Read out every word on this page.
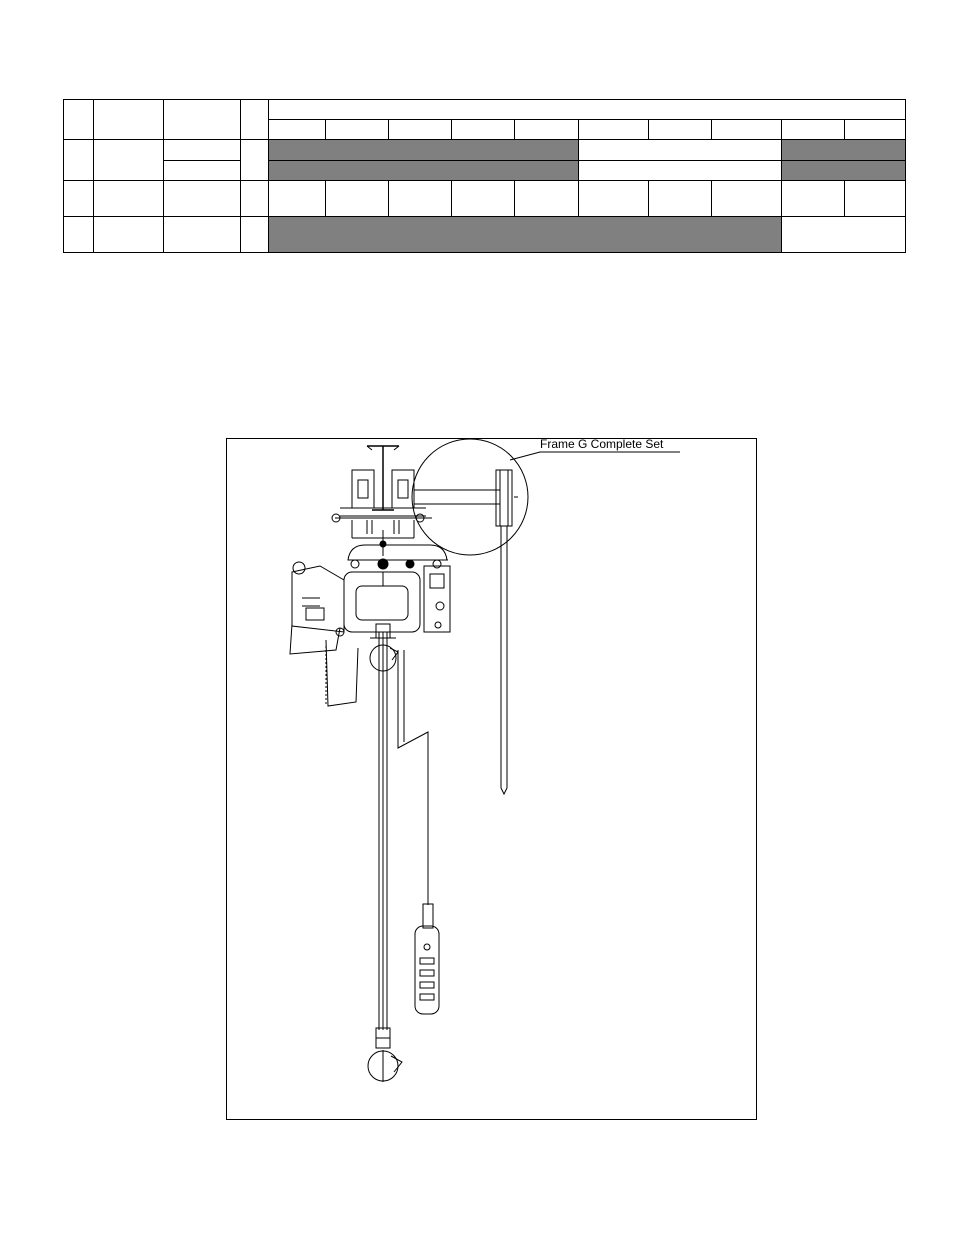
Frame G Complete Set
